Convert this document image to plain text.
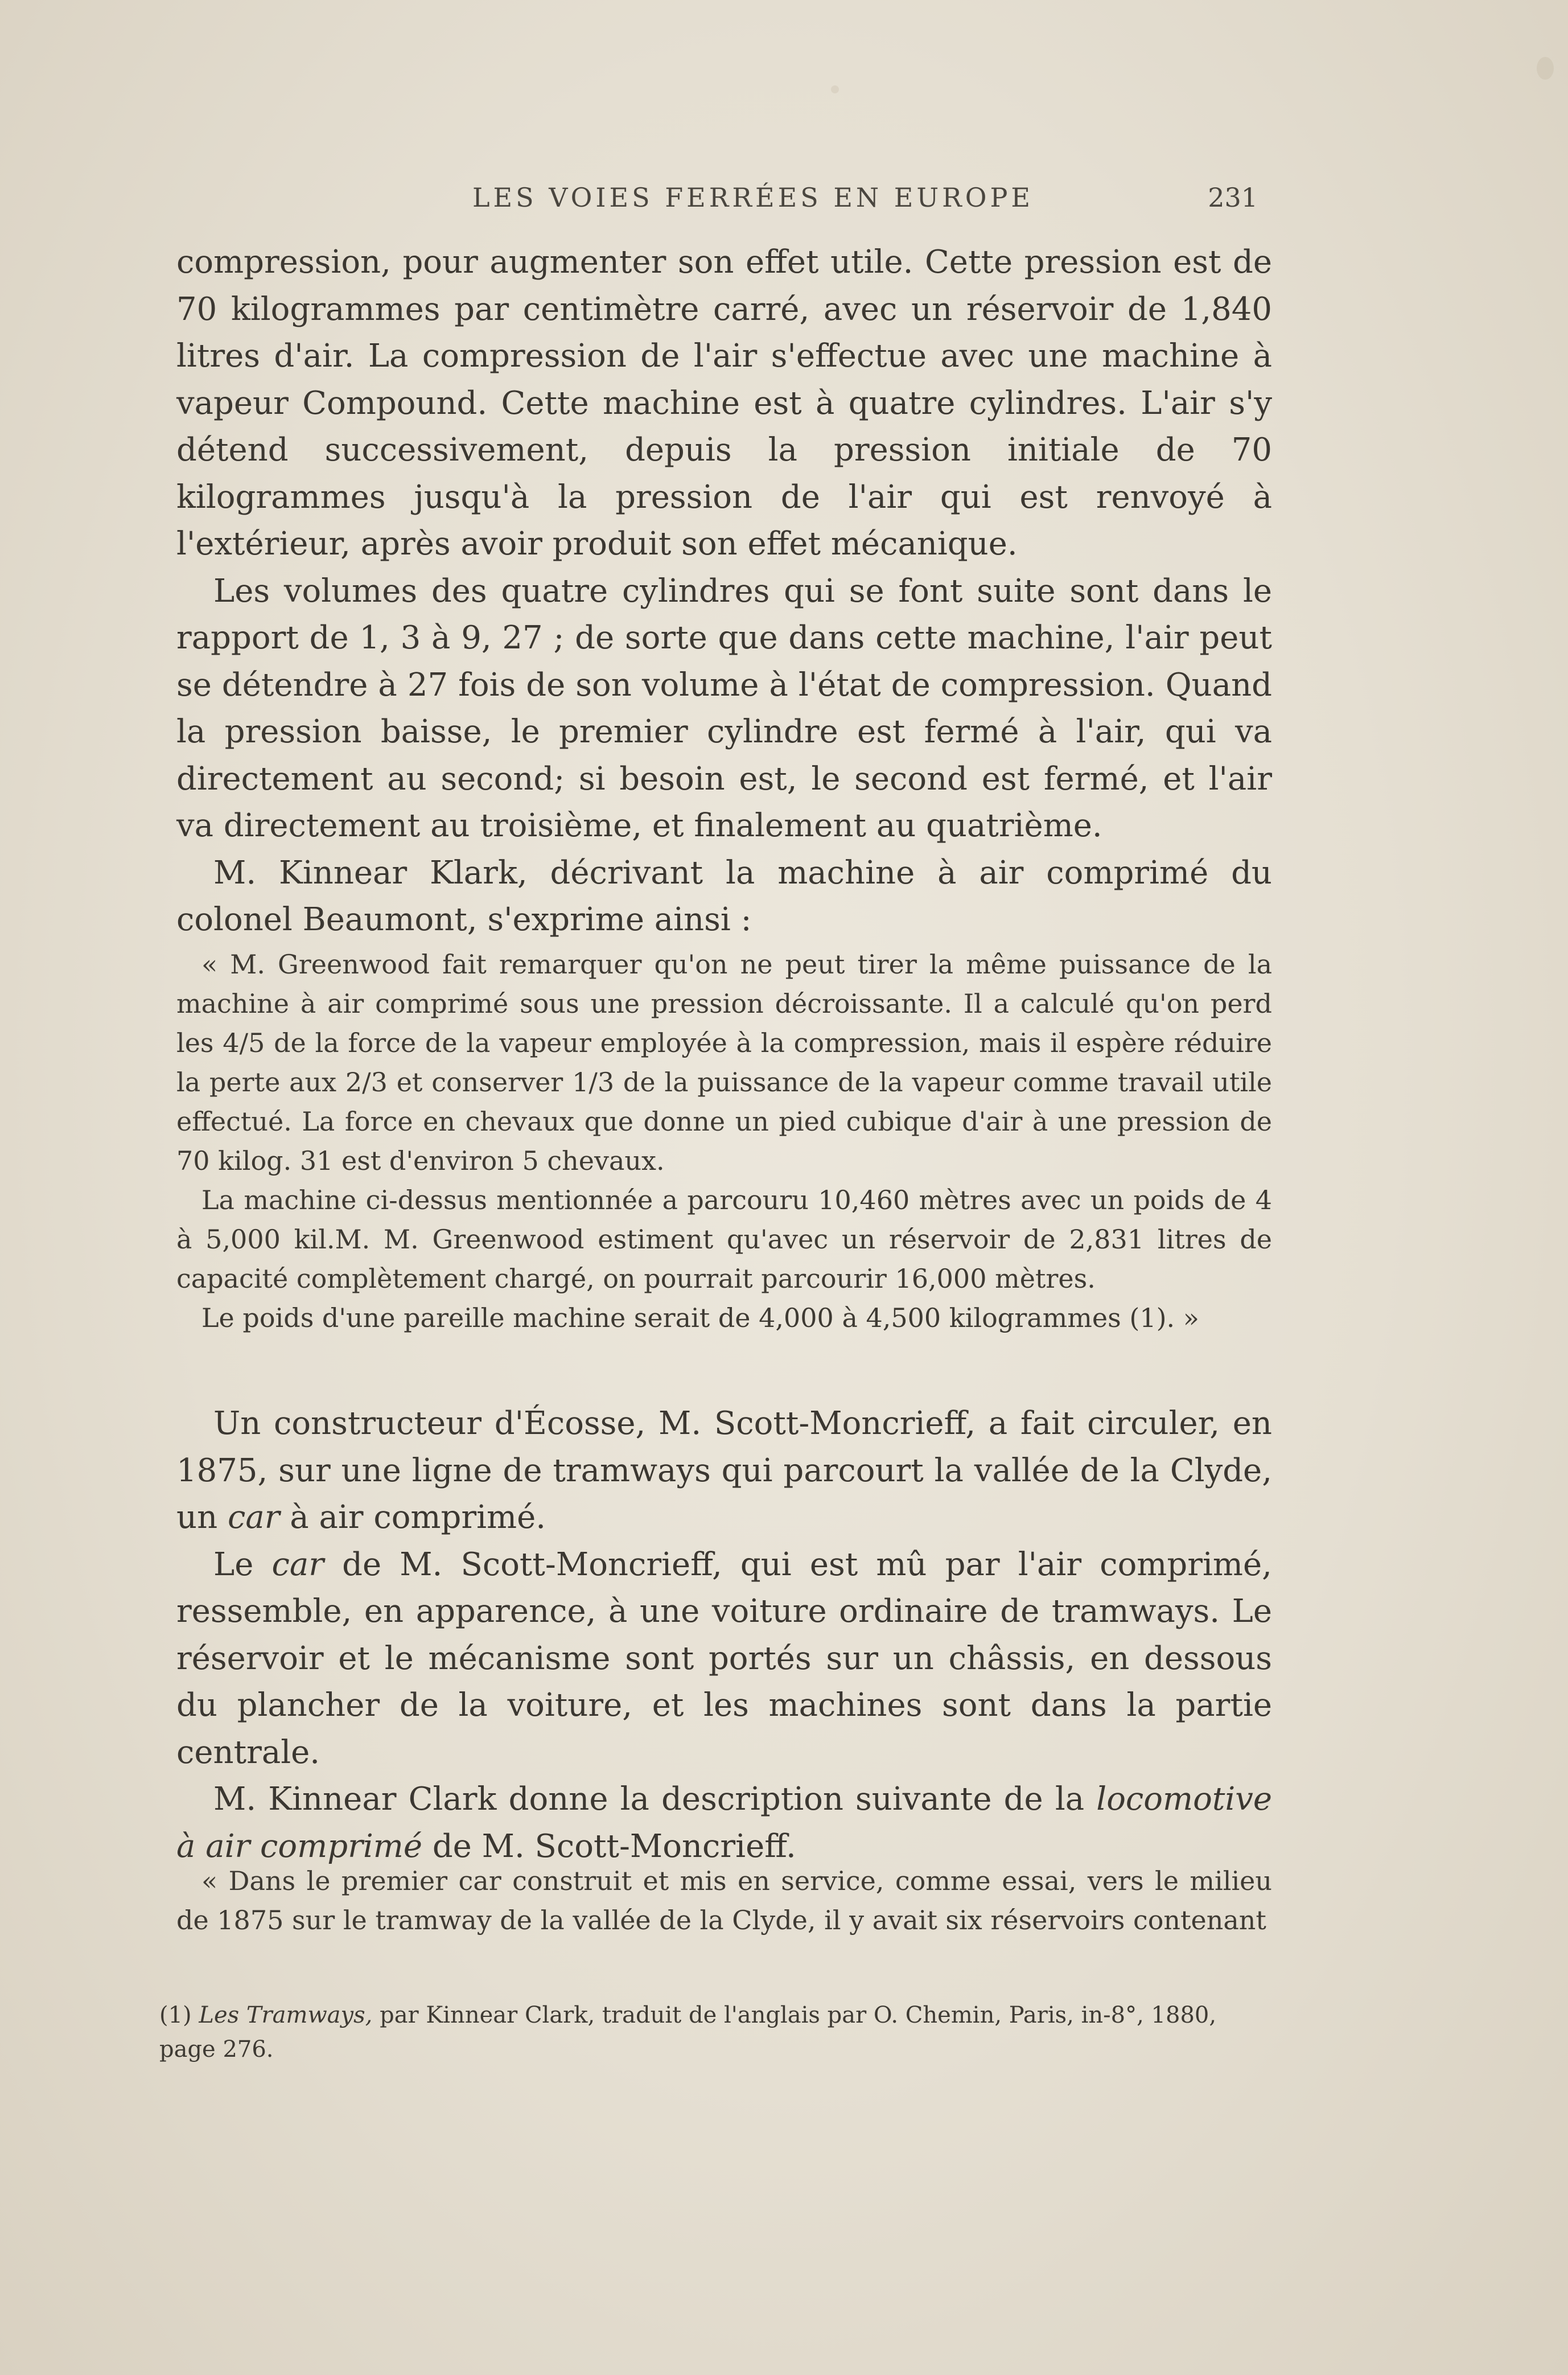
LES VOIES FERRÉES EN EUROPE	231

compression, pour augmenter son effet utile. Cette pression est de 70 kilogrammes par centimètre carré, avec un réservoir de 1,840 litres d'air. La compression de l'air s'effectue avec une machine à vapeur Compound. Cette machine est à quatre cylindres. L'air s'y détend successivement, depuis la pression initiale de 70 kilogrammes jusqu'à la pression de l'air qui est renvoyé à l'extérieur, après avoir produit son effet mécanique.

Les volumes des quatre cylindres qui se font suite sont dans le rapport de 1, 3 à 9, 27 ; de sorte que dans cette machine, l'air peut se détendre à 27 fois de son volume à l'état de compression. Quand la pression baisse, le premier cylindre est fermé à l'air, qui va directement au second; si besoin est, le second est fermé, et l'air va directement au troisième, et finalement au quatrième.

M. Kinnear Klark, décrivant la machine à air comprimé du colonel Beaumont, s'exprime ainsi :

« M. Greenwood fait remarquer qu'on ne peut tirer la même puissance de la machine à air comprimé sous une pression décroissante. Il a calculé qu'on perd les 4/5 de la force de la vapeur employée à la compression, mais il espère réduire la perte aux 2/3 et conserver 1/3 de la puissance de la vapeur comme travail utile effectué. La force en chevaux que donne un pied cubique d'air à une pression de 70 kilog. 31 est d'environ 5 chevaux.

La machine ci-dessus mentionnée a parcouru 10,460 mètres avec un poids de 4 à 5,000 kil.M. M. Greenwood estiment qu'avec un réservoir de 2,831 litres de capacité complètement chargé, on pourrait parcourir 16,000 mètres.

Le poids d'une pareille machine serait de 4,000 à 4,500 kilogrammes (1). »

Un constructeur d'Écosse, M. Scott-Moncrieff, a fait circuler, en 1875, sur une ligne de tramways qui parcourt la vallée de la Clyde, un car à air comprimé.

Le car de M. Scott-Moncrieff, qui est mû par l'air comprimé, ressemble, en apparence, à une voiture ordinaire de tramways. Le réservoir et le mécanisme sont portés sur un châssis, en dessous du plancher de la voiture, et les machines sont dans la partie centrale.

M. Kinnear Clark donne la description suivante de la locomotive à air comprimé de M. Scott-Moncrieff.

« Dans le premier car construit et mis en service, comme essai, vers le milieu de 1875 sur le tramway de la vallée de la Clyde, il y avait six réservoirs contenant

(1) Les Tramways, par Kinnear Clark, traduit de l'anglais par O. Chemin, Paris, in-8°, 1880, page 276.
